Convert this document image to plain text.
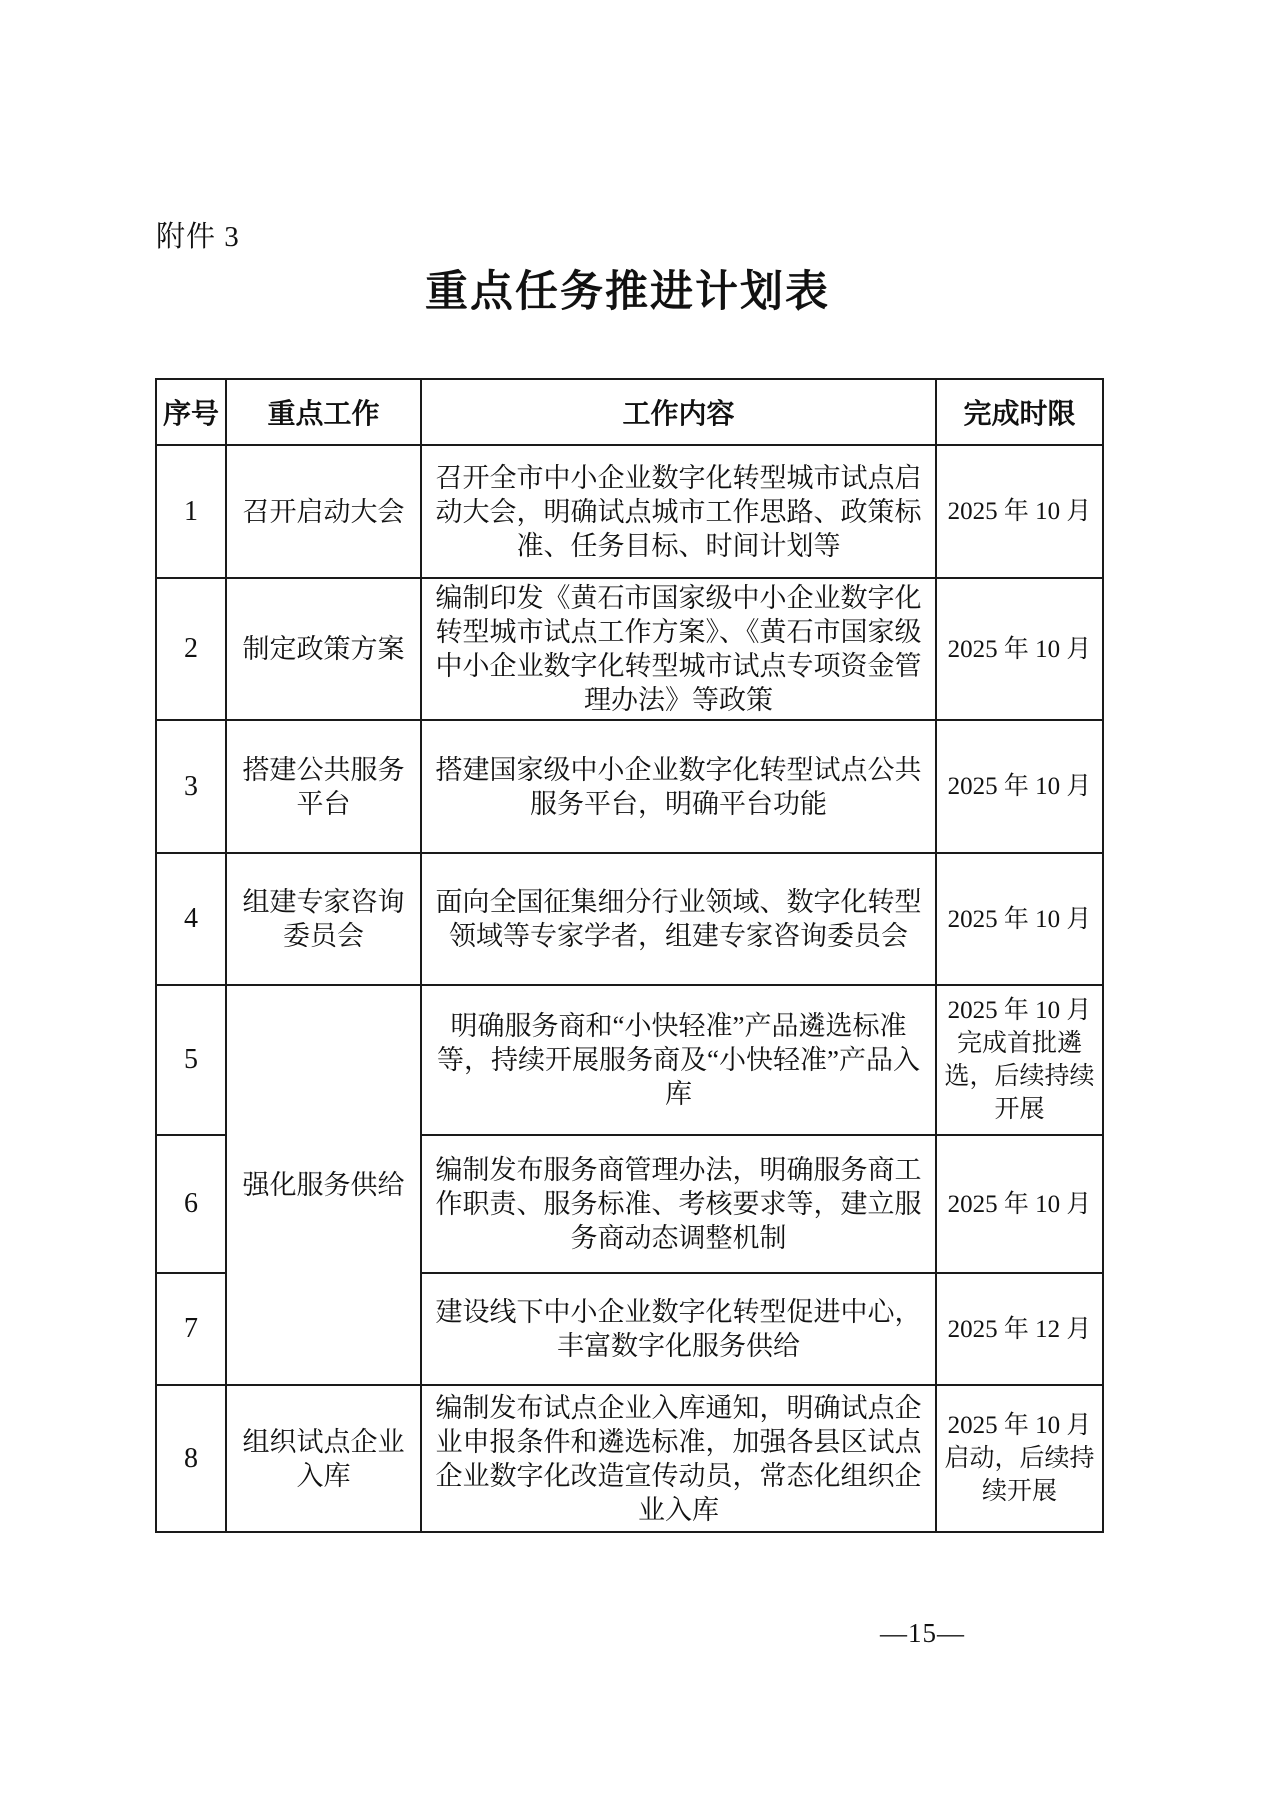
附件 3
重点任务推进计划表
序号	重点工作	工作内容	完成时限
1	召开启动大会	召开全市中小企业数字化转型城市试点启动大会，明确试点城市工作思路、政策标准、任务目标、时间计划等	2025 年 10 月
2	制定政策方案	编制印发《黄石市国家级中小企业数字化转型城市试点工作方案》、《黄石市国家级中小企业数字化转型城市试点专项资金管理办法》等政策	2025 年 10 月
3	搭建公共服务平台	搭建国家级中小企业数字化转型试点公共服务平台，明确平台功能	2025 年 10 月
4	组建专家咨询委员会	面向全国征集细分行业领域、数字化转型领域等专家学者，组建专家咨询委员会	2025 年 10 月
5	强化服务供给	明确服务商和“小快轻准”产品遴选标准等，持续开展服务商及“小快轻准”产品入库	2025 年 10 月完成首批遴选，后续持续开展
6		编制发布服务商管理办法，明确服务商工作职责、服务标准、考核要求等，建立服务商动态调整机制	2025 年 10 月
7		建设线下中小企业数字化转型促进中心，丰富数字化服务供给	2025 年 12 月
8	组织试点企业入库	编制发布试点企业入库通知，明确试点企业申报条件和遴选标准，加强各县区试点企业数字化改造宣传动员，常态化组织企业入库	2025 年 10 月启动，后续持续开展
—15—
